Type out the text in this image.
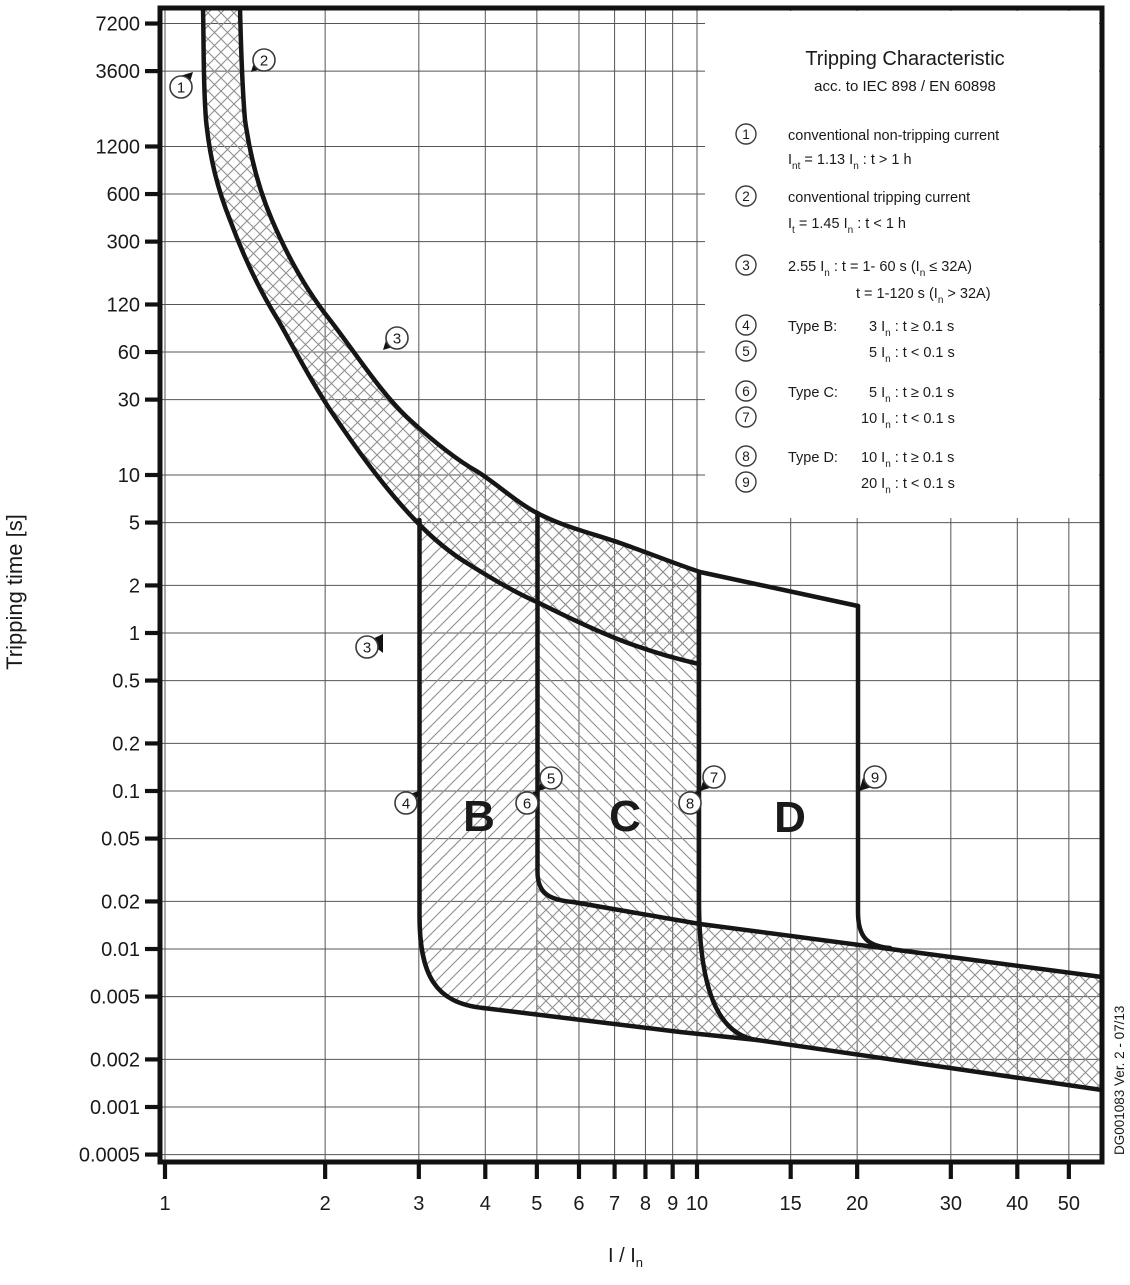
1	2	3	4 5 6 7 8 9 10	15 20	30 40 50
7200
3600
1200
600
300
120
60
30
10
5
2
1
0.5
0.2
0.1
0.05
0.02
0.01
0.005
0.002
0.001
0.0005
1
2
3
3
4
5
6
7
8
9
B	C	D
1
2
3
4
5
6
7
8
9
Tripping Characteristic
acc. to IEC 898 / EN 60898
conventional non-tripping current
$I_{nt} = 1.13$ $I_n$ : t > 1 h
conventional tripping current
$I_t = 1.45$ $I_n$ : t < 1 h
2.55 $I_n$ : t = 1- 60 s $(I_n \le 32A)$
t = 1-120 s $(I_n > 32A)$
Type B: 3 $I_n$ : t ≥ 0.1 s
5 $I_n$ : t < 0.1 s
Type C: 5 $I_n$ : t ≥ 0.1 s
10 $I_n$ : t < 0.1 s
Type D: 10 $I_n$ : t ≥ 0.1 s
20 $I_n$ : t < 0.1 s
Tripping time [s]
I / $I_n$
DG001083 Ver. 2 - 07/13
